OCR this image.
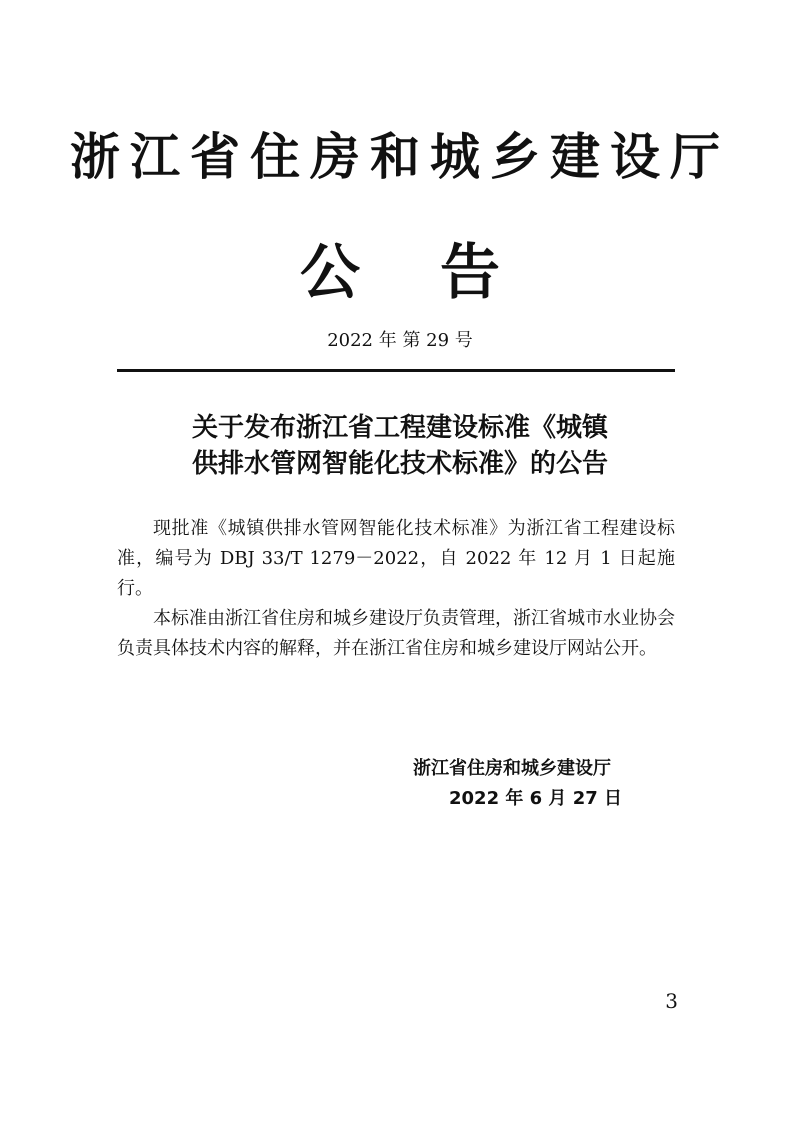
浙江省住房和城乡建设厅
公 告
2022 年 第 29 号
关于发布浙江省工程建设标准《城镇
供排水管网智能化技术标准》的公告

现批准《城镇供排水管网智能化技术标准》为浙江省工程建设标准，编号为 DBJ 33/T 1279－2022，自 2022 年 12 月 1 日起施行。

本标准由浙江省住房和城乡建设厅负责管理，浙江省城市水业协会负责具体技术内容的解释，并在浙江省住房和城乡建设厅网站公开。

浙江省住房和城乡建设厅
2022 年 6 月 27 日
3
